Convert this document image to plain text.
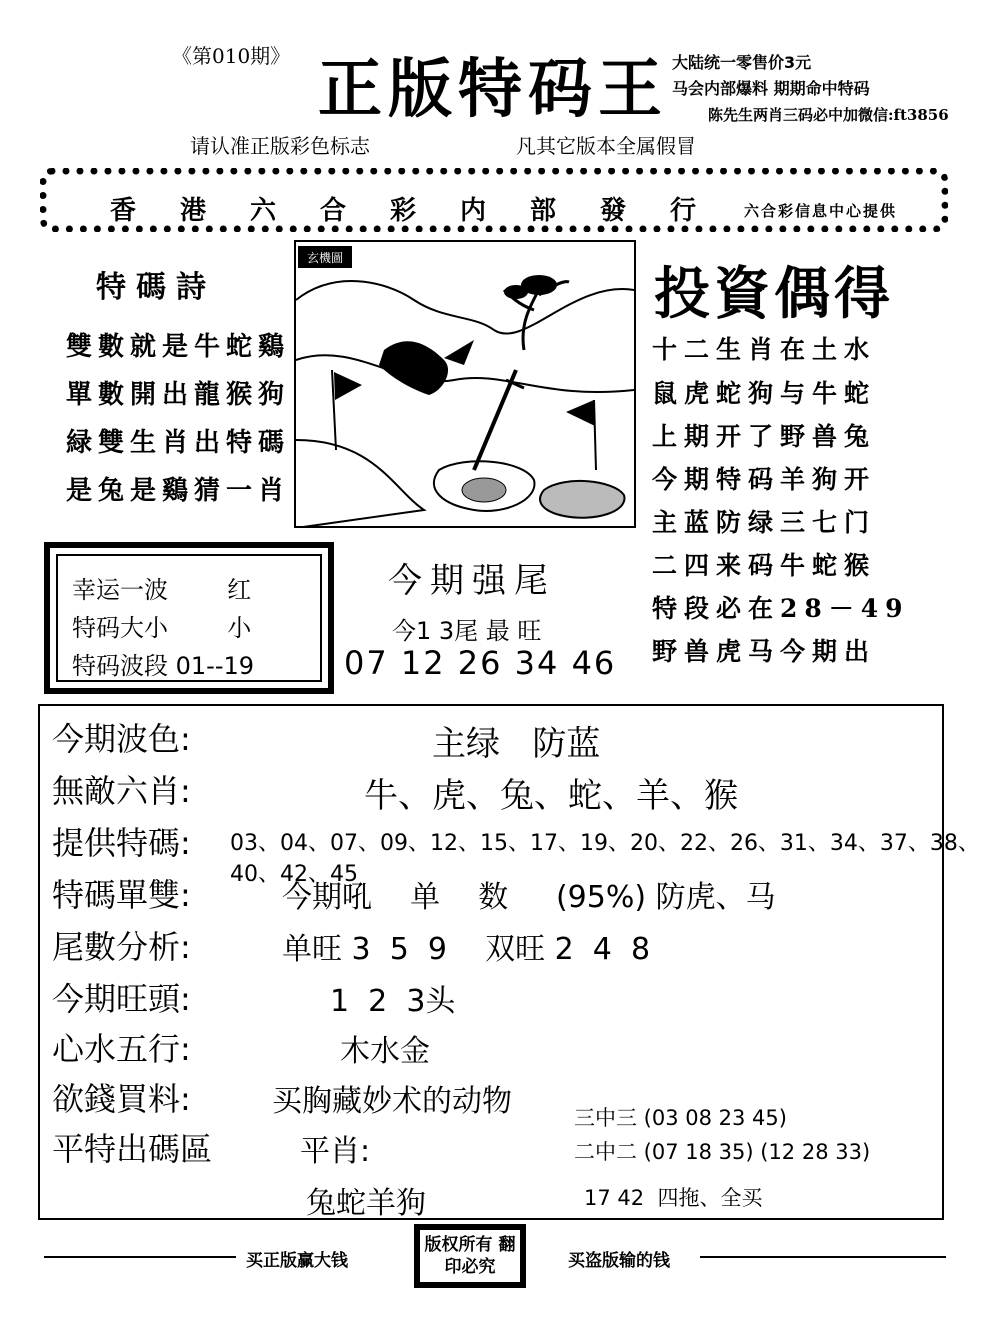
《第010期》 正版特码王 大陆统一零售价3元
马会内部爆料 期期命中特码
陈先生两肖三码必中加微信:ft3856
请认准正版彩色标志	凡其它版本全属假冒
香港六合彩内部發行 六合彩信息中心提供
特碼詩
雙數就是牛蛇鷄
單數開出龍猴狗
緑雙生肖出特碼
是兔是鷄猜一肖
玄機圖
投資偶得
十二生肖在土水
鼠虎蛇狗与牛蛇
上期开了野兽兔
今期特码羊狗开
主蓝防绿三七门
二四来码牛蛇猴
特段必在28－49
野兽虎马今期出
幸运一波 红
特码大小 小
特码波段 01--19
今期强尾
今1 3尾 最 旺
07 12 26 34 46
今期波色:	主绿   防蓝
無敵六肖:	牛、虎、兔、蛇、羊、猴
提供特碼: 03、04、07、09、12、15、17、19、20、22、26、31、34、37、38、40、42、45
特碼單雙:	今期吼    单    数     (95%) 防虎、马
尾數分析:	单旺 3  5  9    双旺 2  4  8
今期旺頭:	1  2  3头
心水五行:	木水金
欲錢買料:	买胸藏妙术的动物
平特出碼區	平肖:
兔蛇羊狗
三中三 (03 08 23 45)
二中二 (07 18 35) (12 28 33)
17 42  四拖、全买
买正版赢大钱
版权所有 翻印必究	买盗版输的钱
